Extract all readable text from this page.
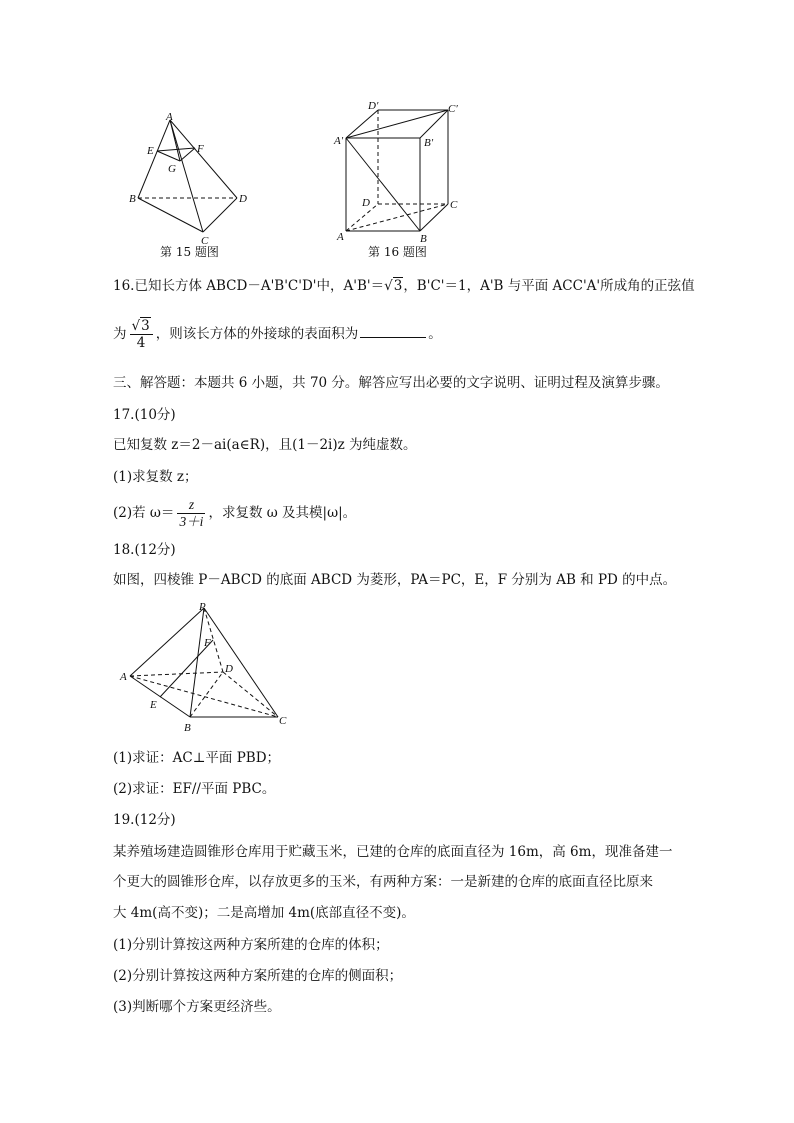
A
E	F
G
B	D
C
第 15 题图
D′	C′
A′	B′
D	C
A	B
第 16 题图
16.已知长方体 ABCD－A'B'C'D'中，A'B'＝√3，B'C'＝1，A'B 与平面 ACC'A'所成角的正弦值
为 $\frac{√3}{4}$ ，则该长方体的外接球的表面积为	。
三、解答题：本题共 6 小题，共 70 分。解答应写出必要的文字说明、证明过程及演算步骤。
17.(10分)
已知复数 z＝2－ai(a∈R)，且(1－2i)z 为纯虚数。
(1)求复数 z；
(2)若 $\omega= \frac{z}{3+i}$ ，求复数 ω 及其模|ω|。
18.(12分)
如图，四棱锥 P－ABCD 的底面 ABCD 为菱形，PA＝PC，E，F 分别为 AB 和 PD 的中点。
P
F
D
A
E
B
C
(1)求证：AC⊥平面 PBD；
(2)求证：EF//平面 PBC。
19.(12分)
某养殖场建造圆锥形仓库用于贮藏玉米，已建的仓库的底面直径为 16m，高 6m，现准备建一
个更大的圆锥形仓库，以存放更多的玉米，有两种方案：一是新建的仓库的底面直径比原来
大 4m(高不变)；二是高增加 4m(底部直径不变)。
(1)分别计算按这两种方案所建的仓库的体积；
(2)分别计算按这两种方案所建的仓库的侧面积；
(3)判断哪个方案更经济些。
